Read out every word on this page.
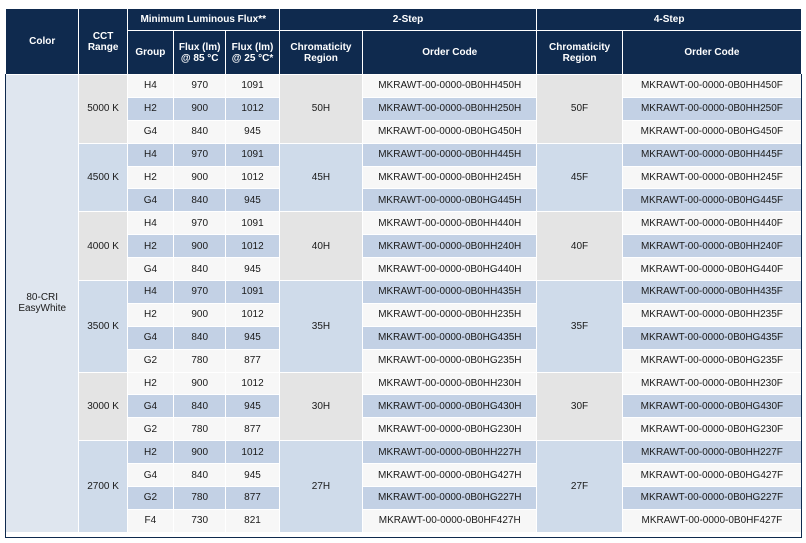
Color	CCT Range	Minimum Luminous Flux**			2-Step		4-Step	
		Group	Flux (lm) @ 85 °C	Flux (lm) @ 25 °C*	Chromaticity Region	Order Code	Chromaticity Region	Order Code
80-CRI EasyWhite	5000 K	H4	970	1091	50H	MKRAWT-00-0000-0B0HH450H	50F	MKRAWT-00-0000-0B0HH450F
		H2	900	1012		MKRAWT-00-0000-0B0HH250H		MKRAWT-00-0000-0B0HH250F
		G4	840	945		MKRAWT-00-0000-0B0HG450H		MKRAWT-00-0000-0B0HG450F
	4500 K	H4	970	1091	45H	MKRAWT-00-0000-0B0HH445H	45F	MKRAWT-00-0000-0B0HH445F
		H2	900	1012		MKRAWT-00-0000-0B0HH245H		MKRAWT-00-0000-0B0HH245F
		G4	840	945		MKRAWT-00-0000-0B0HG445H		MKRAWT-00-0000-0B0HG445F
	4000 K	H4	970	1091	40H	MKRAWT-00-0000-0B0HH440H	40F	MKRAWT-00-0000-0B0HH440F
		H2	900	1012		MKRAWT-00-0000-0B0HH240H		MKRAWT-00-0000-0B0HH240F
		G4	840	945		MKRAWT-00-0000-0B0HG440H		MKRAWT-00-0000-0B0HG440F
	3500 K	H4	970	1091	35H	MKRAWT-00-0000-0B0HH435H	35F	MKRAWT-00-0000-0B0HH435F
		H2	900	1012		MKRAWT-00-0000-0B0HH235H		MKRAWT-00-0000-0B0HH235F
		G4	840	945		MKRAWT-00-0000-0B0HG435H		MKRAWT-00-0000-0B0HG435F
		G2	780	877		MKRAWT-00-0000-0B0HG235H		MKRAWT-00-0000-0B0HG235F
	3000 K	H2	900	1012	30H	MKRAWT-00-0000-0B0HH230H	30F	MKRAWT-00-0000-0B0HH230F
		G4	840	945		MKRAWT-00-0000-0B0HG430H		MKRAWT-00-0000-0B0HG430F
		G2	780	877		MKRAWT-00-0000-0B0HG230H		MKRAWT-00-0000-0B0HG230F
	2700 K	H2	900	1012	27H	MKRAWT-00-0000-0B0HH227H	27F	MKRAWT-00-0000-0B0HH227F
		G4	840	945		MKRAWT-00-0000-0B0HG427H		MKRAWT-00-0000-0B0HG427F
		G2	780	877		MKRAWT-00-0000-0B0HG227H		MKRAWT-00-0000-0B0HG227F
		F4	730	821		MKRAWT-00-0000-0B0HF427H		MKRAWT-00-0000-0B0HF427F
